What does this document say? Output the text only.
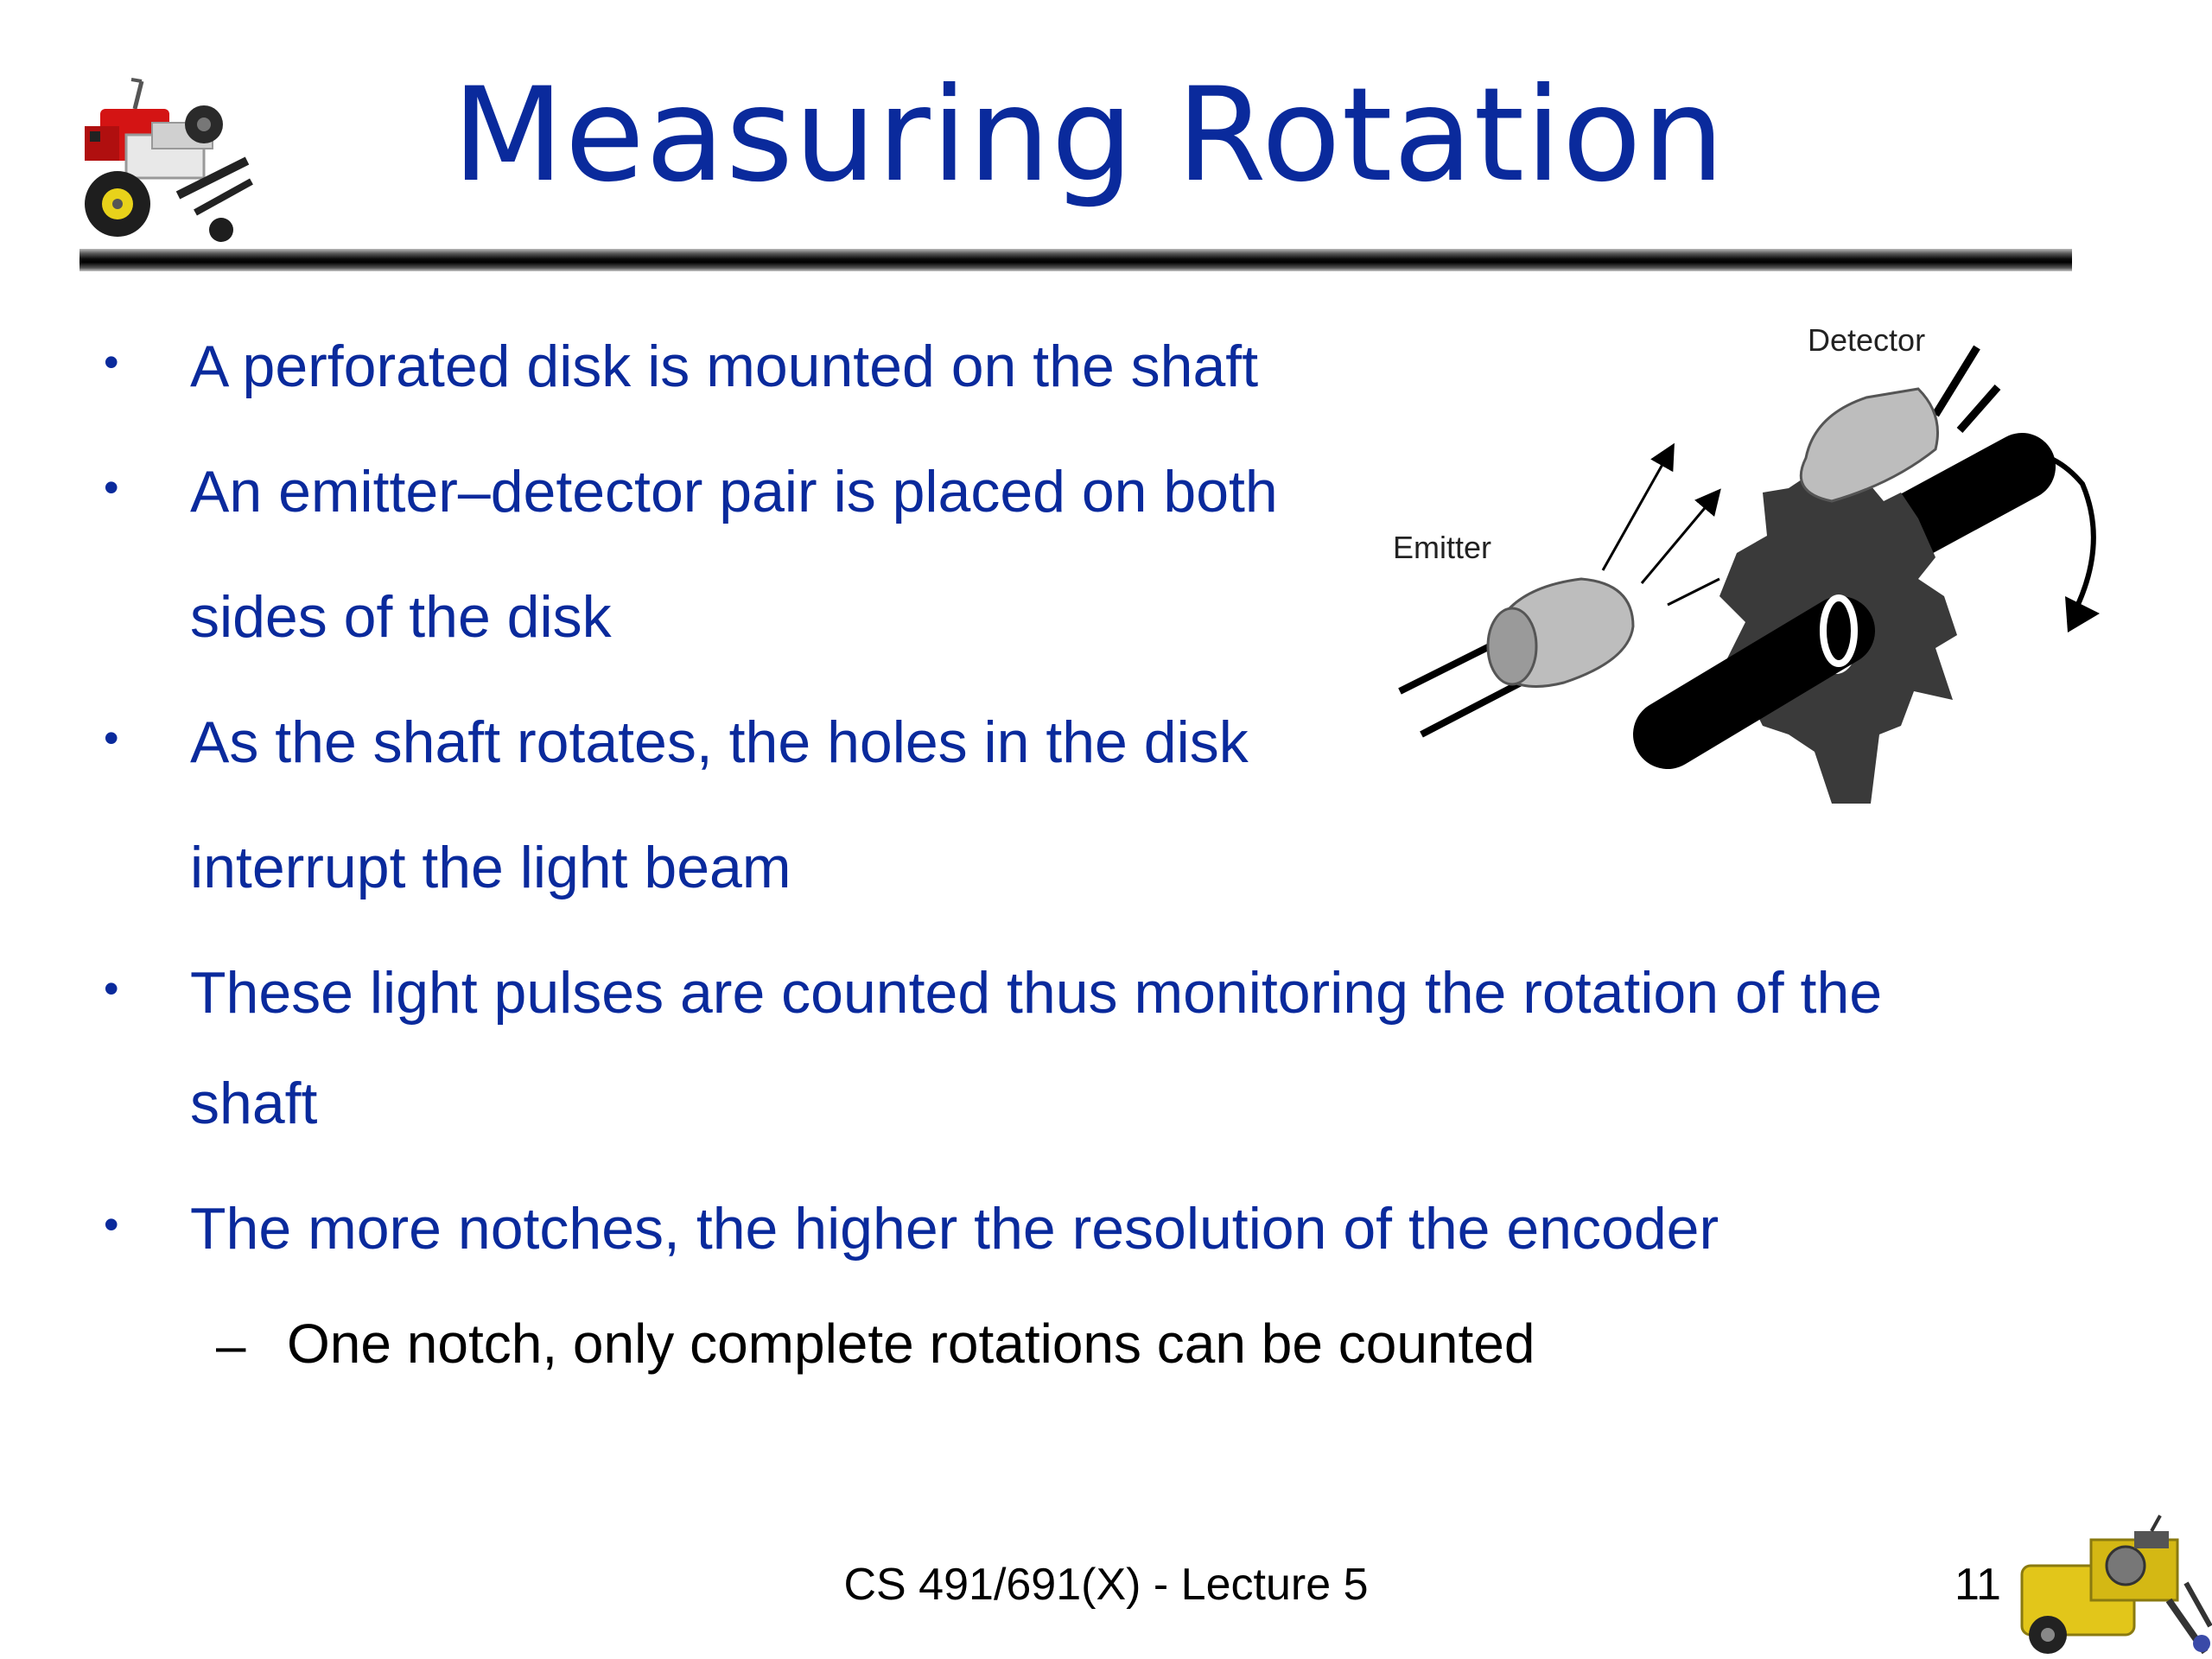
Measuring Rotation
• A perforated disk is mounted on the shaft
• An emitter–detector pair is placed on both
sides of the disk
• As the shaft rotates, the holes in the disk
interrupt the light beam
• These light pulses are counted thus monitoring the rotation of the
shaft
• The more notches, the higher the resolution of the encoder
– One notch, only complete rotations can be counted
Detector
Emitter
CS 491/691(X) - Lecture 5	11
